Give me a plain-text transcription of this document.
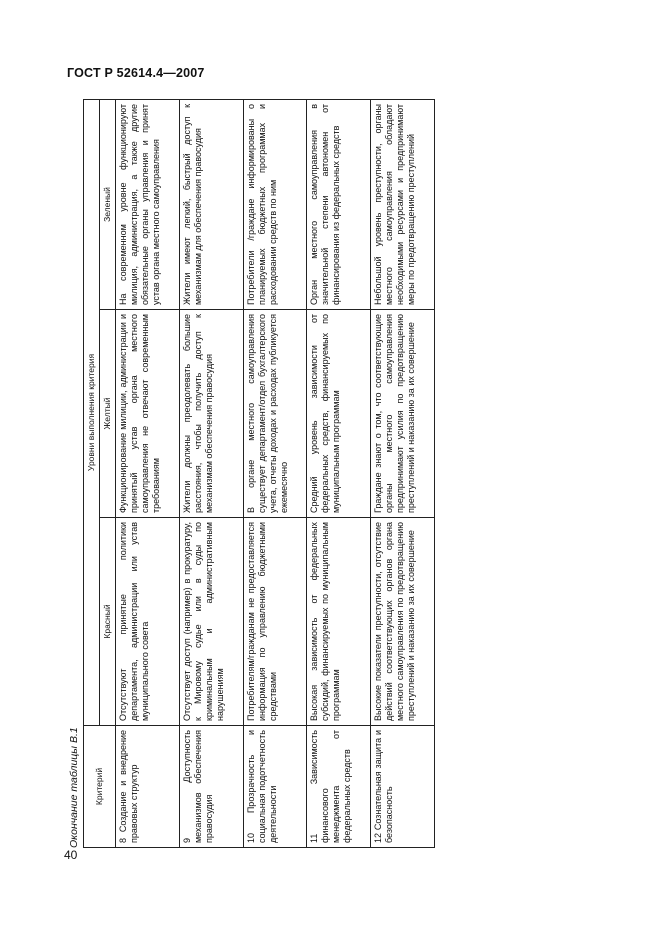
ГОСТ Р 52614.4—2007
Окончание таблицы В.1	Критерий	Уровни выполнения критерия		
	Красный	Желтый	Зеленый
8 Создание и внедрение правовых структур	Отсутствуют принятые политики департамента, администрации или устав муниципального совета	Функционирование милиции, администрации и принятый устав органа местного самоуправления не отвечают современным требованиям	На современном уровне функционируют милиция, администрация, а также другие обязательные органы управления и принят устав органа местного самоуправления
9 Доступность механизмов обеспечения правосудия	Отсутствует доступ (например) в прокуратуру, к Мировому судье или в суды по криминальным и административным нарушениям	Жители должны преодолевать большие расстояния, чтобы получить доступ к механизмам обеспечения правосудия	Жители имеют легкий, быстрый доступ к механизмам для обеспечения правосудия
10 Прозрачность и социальная подотчетность деятельности	Потребителям/гражданам не предоставляется информация по управлению бюджетными средствами	В органе местного самоуправления существует департамент/отдел бухгалтерского учета, отчеты доходах и расходах публикуется ежемесячно	Потребители /граждане информированы о планируемых бюджетных программах и расходовании средств по ним
11 Зависимость финансового менеджмента от федеральных средств	Высокая зависимость от федеральных субсидий, финансируемых по муниципальным программам	Средний уровень зависимости от федеральных средств, финансируемых по муниципальным программам	Орган местного самоуправления в значительной степени автономен от финансирования из федеральных средств
12 Сознательная защита и безопасность	Высокие показатели преступности, отсутствие действий соответствующих органов органа местного самоуправления по предотвращению преступлений и наказанию за их совершение	Граждане знают о том, что соответствующие органы местного самоуправления предпринимают усилия по предотвращению преступлений и наказанию за их совершение	Небольшой уровень преступности, органы местного самоуправления обладают необходимыми ресурсами и предпринимают меры по предотвращению преступлений
40
